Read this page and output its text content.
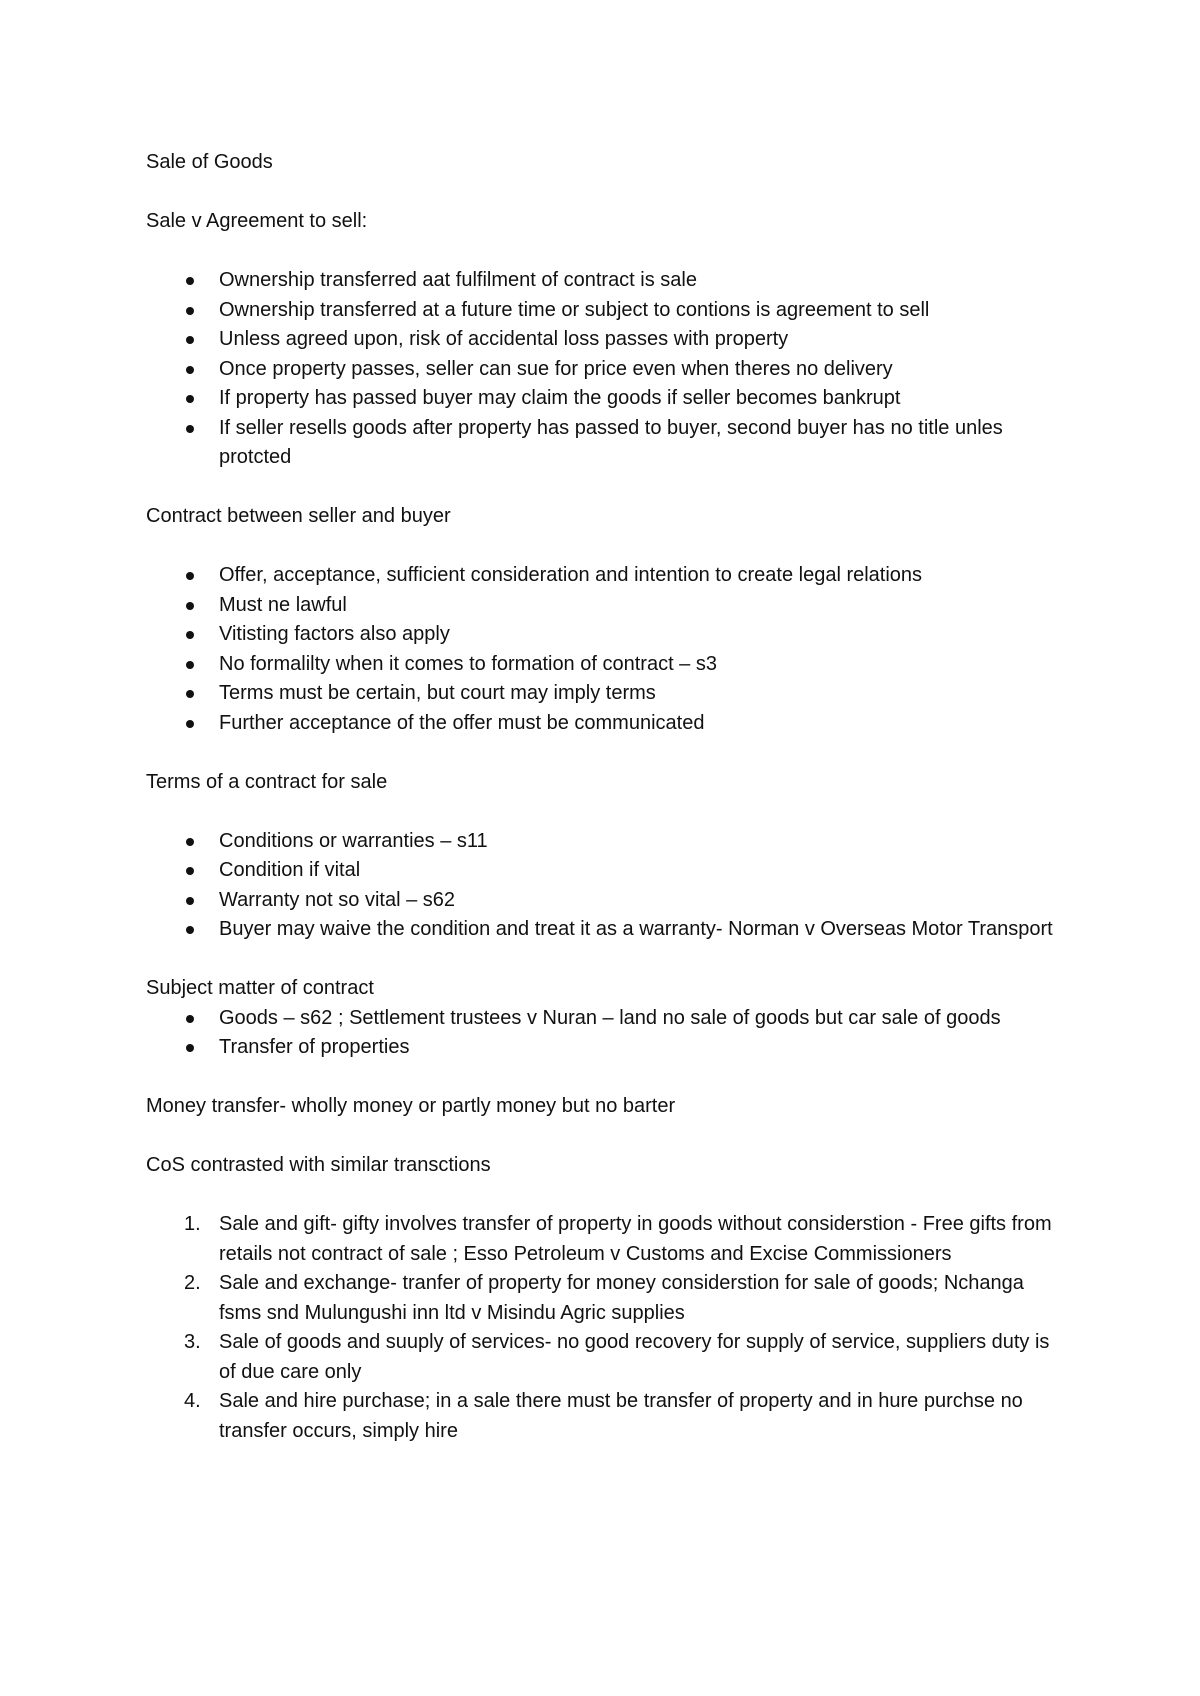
Sale of Goods

Sale v Agreement to sell:

Ownership transferred aat fulfilment of contract is sale
Ownership transferred at a future time or subject to contions is agreement to sell
Unless agreed upon, risk of accidental loss passes with property
Once property passes, seller can sue for price even when theres no delivery
If property has passed buyer may claim the goods if seller becomes bankrupt
If seller resells goods after property has passed to buyer, second buyer has no title unles protcted

Contract between seller and buyer

Offer, acceptance, sufficient consideration and intention to create legal relations
Must ne lawful
Vitisting factors also apply
No formalilty when it comes to formation of contract – s3
Terms must be certain, but court may imply terms
Further acceptance of the offer must be communicated

Terms of a contract for sale

Conditions or warranties – s11
Condition if vital
Warranty not so vital – s62
Buyer may waive the condition and treat it as a warranty- Norman v Overseas Motor Transport

Subject matter of contract

Goods – s62 ; Settlement trustees v Nuran – land no sale of goods but car sale of goods
Transfer of properties

Money transfer- wholly money or partly money but no barter

CoS contrasted with similar transctions

1. Sale and gift- gifty involves transfer of property in goods without considerstion - Free gifts from retails not contract of sale ; Esso Petroleum v Customs and Excise Commissioners
2. Sale and exchange- tranfer of property for money considerstion for sale of goods; Nchanga fsms snd Mulungushi inn ltd v Misindu Agric supplies
3. Sale of goods and suuply of services- no good recovery for supply of service, suppliers duty is of due care only
4. Sale and hire purchase; in a sale there must be transfer of property and in hure purchse no transfer occurs, simply hire
